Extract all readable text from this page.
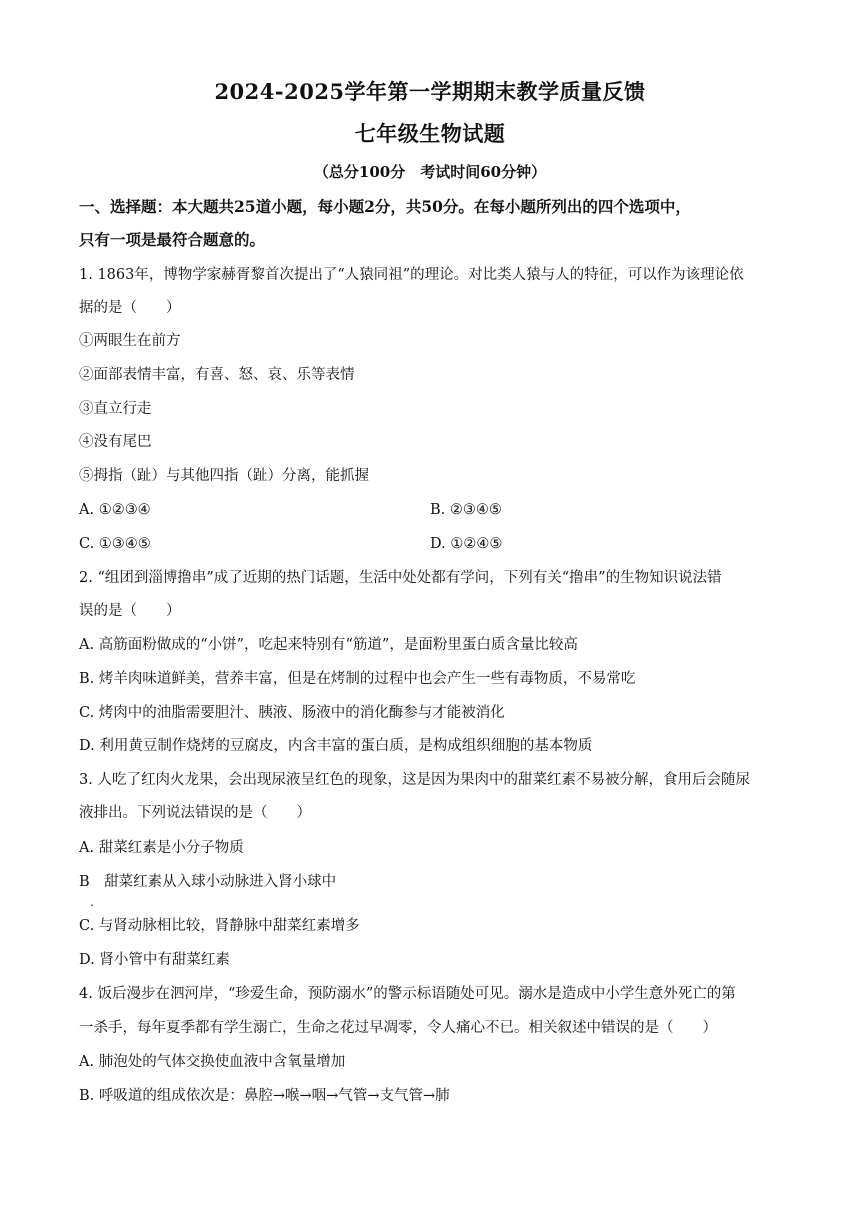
2024-2025学年第一学期期末教学质量反馈
七年级生物试题
（总分100分　考试时间60分钟）
一、选择题：本大题共25道小题，每小题2分，共50分。在每小题所列出的四个选项中，
只有一项是最符合题意的。
1. 1863年，博物学家赫胥黎首次提出了“人猿同祖”的理论。对比类人猿与人的特征，可以作为该理论依
据的是（　　）
①两眼生在前方
②面部表情丰富，有喜、怒、哀、乐等表情
③直立行走
④没有尾巴
⑤拇指（趾）与其他四指（趾）分离，能抓握
A. ①②③④	B. ②③④⑤
C. ①③④⑤	D. ①②④⑤
2. “组团到淄博撸串”成了近期的热门话题，生活中处处都有学问，下列有关“撸串”的生物知识说法错
误的是（　　）
A. 高筋面粉做成的“小饼”，吃起来特别有“筋道”，是面粉里蛋白质含量比较高
B. 烤羊肉味道鲜美，营养丰富，但是在烤制的过程中也会产生一些有毒物质，不易常吃
C. 烤肉中的油脂需要胆汁、胰液、肠液中的消化酶参与才能被消化
D. 利用黄豆制作烧烤的豆腐皮，内含丰富的蛋白质，是构成组织细胞的基本物质
3. 人吃了红肉火龙果，会出现尿液呈红色的现象，这是因为果肉中的甜菜红素不易被分解，食用后会随尿
液排出。下列说法错误的是（　　）
A. 甜菜红素是小分子物质
B　甜菜红素从入球小动脉进入肾小球中
.
C. 与肾动脉相比较，肾静脉中甜菜红素增多
D. 肾小管中有甜菜红素
4. 饭后漫步在泗河岸，“珍爱生命，预防溺水”的警示标语随处可见。溺水是造成中小学生意外死亡的第
一杀手，每年夏季都有学生溺亡，生命之花过早凋零，令人痛心不已。相关叙述中错误的是（　　）
A. 肺泡处的气体交换使血液中含氧量增加
B. 呼吸道的组成依次是：鼻腔→喉→咽→气管→支气管→肺
